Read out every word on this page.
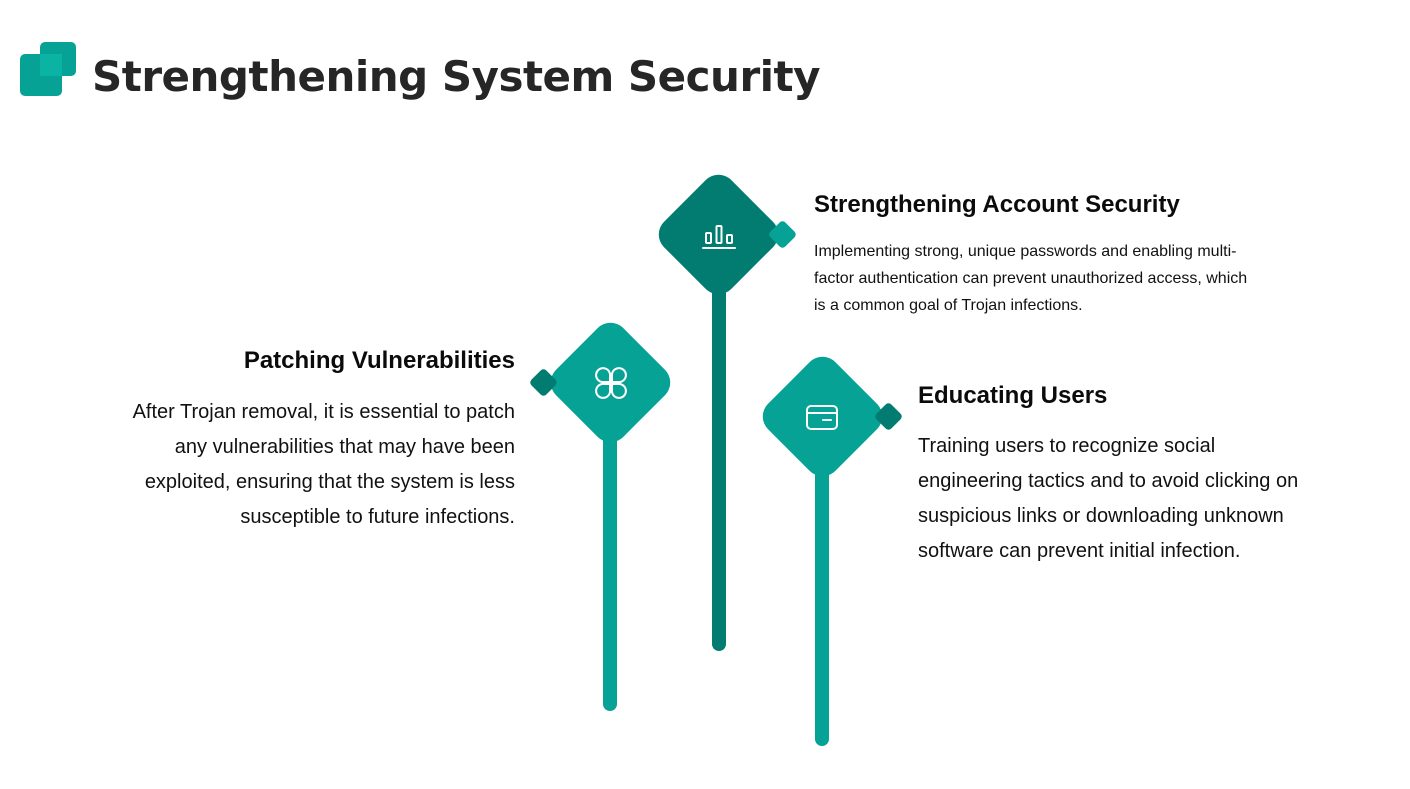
Strengthening System Security
Strengthening Account Security

Implementing strong, unique passwords and enabling multi- factor authentication can prevent unauthorized access, which is a common goal of Trojan infections.

Patching Vulnerabilities

After Trojan removal, it is essential to patch any vulnerabilities that may have been exploited, ensuring that the system is less susceptible to future infections.

Educating Users

Training users to recognize social engineering tactics and to avoid clicking on suspicious links or downloading unknown software can prevent initial infection.
